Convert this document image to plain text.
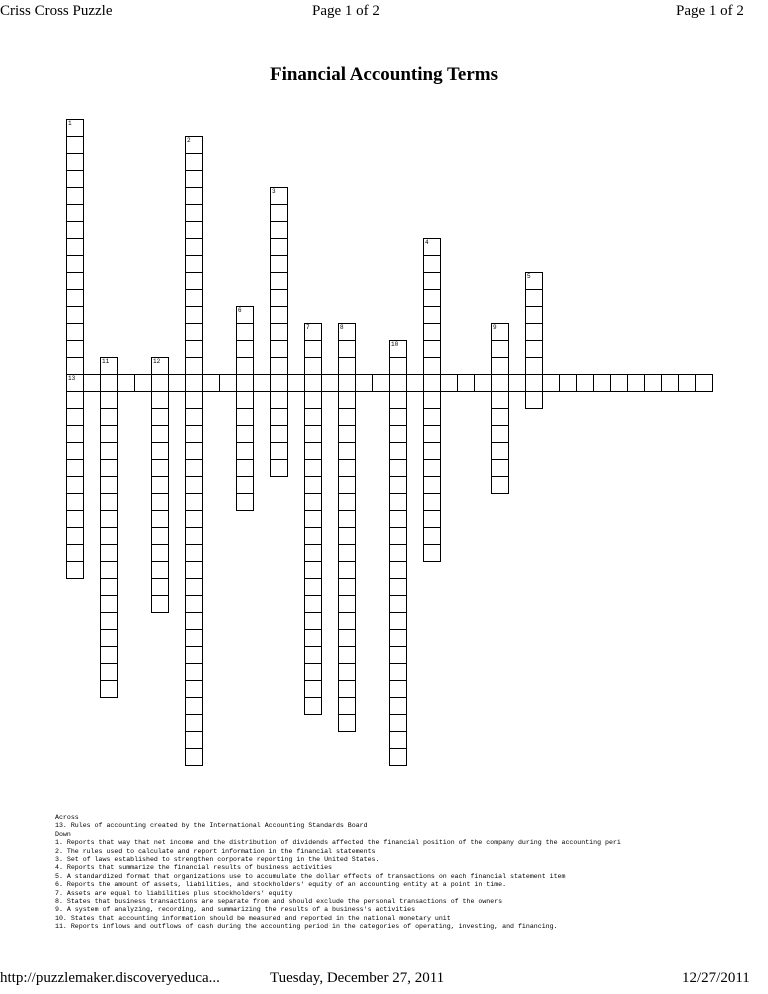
Criss Cross Puzzle	Page 1 of 2	Page 1 of 2
Financial Accounting Terms
1
13
2
3
4
5
6
7	8	9
10
11	12
Across
13. Rules of accounting created by the International Accounting Standards Board
Down
1. Reports that way that net income and the distribution of dividends affected the financial position of the company during the accounting peri
2. The rules used to calculate and report information in the financial statements
3. Set of laws established to strengthen corporate reporting in the United States.
4. Reports that summarize the financial results of business activities
5. A standardized format that organizations use to accumulate the dollar effects of transactions on each financial statement item
6. Reports the amount of assets, liabilities, and stockholders' equity of an accounting entity at a point in time.
7. Assets are equal to liabilities plus stockholders' equity
8. States that business transactions are separate from and should exclude the personal transactions of the owners
9. A system of analyzing, recording, and summarizing the results of a business's activities
10. States that accounting information should be measured and reported in the national monetary unit
11. Reports inflows and outflows of cash during the accounting period in the categories of operating, investing, and financing.
http://puzzlemaker.discoveryeduca...	Tuesday, December 27, 2011	12/27/2011
